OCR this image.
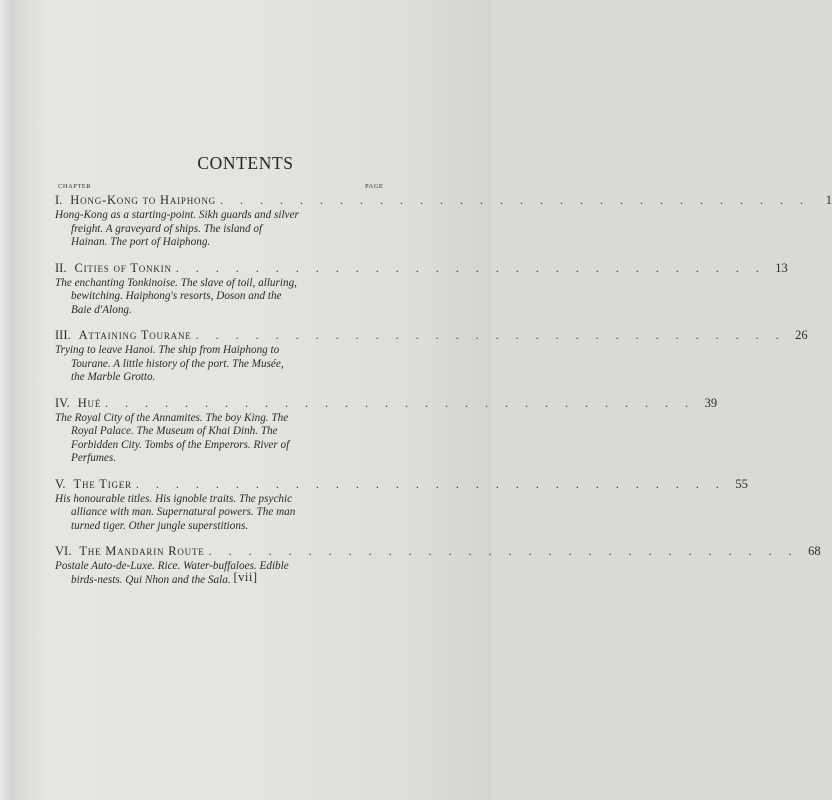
CONTENTS
CHAPTER	PAGE
I. Hong-Kong to Haiphong . . . . . . . . . . . . . . . . . . . . . . . . . . . . . .	1
Hong-Kong as a starting-point. Sikh guards and silver
freight. A graveyard of ships. The island of
Hainan. The port of Haiphong.
II. Cities of Tonkin . . . . . . . . . . . . . . . . . . . . . . . . . . . . . . 13
The enchanting Tonkinoise. The slave of toil, alluring,
bewitching. Haiphong's resorts, Doson and the
Baie d'Along.
III. Attaining Tourane . . . . . . . . . . . . . . . . . . . . . . . . . . . . . . 26
Trying to leave Hanoi. The ship from Haiphong to
Tourane. A little history of the port. The Musée,
the Marble Grotto.
IV. Hué . . . . . . . . . . . . . . . . . . . . . . . . . . . . . . 39
The Royal City of the Annamites. The boy King. The
Royal Palace. The Museum of Khai Dinh. The
Forbidden City. Tombs of the Emperors. River of
Perfumes.
V. The Tiger . . . . . . . . . . . . . . . . . . . . . . . . . . . . . . 55
His honourable titles. His ignoble traits. The psychic
alliance with man. Supernatural powers. The man
turned tiger. Other jungle superstitions.
VI. The Mandarin Route . . . . . . . . . . . . . . . . . . . . . . . . . . . . . . 68
Postale Auto-de-Luxe. Rice. Water-buffaloes. Edible
birds-nests. Qui Nhon and the Sala. [vii]
